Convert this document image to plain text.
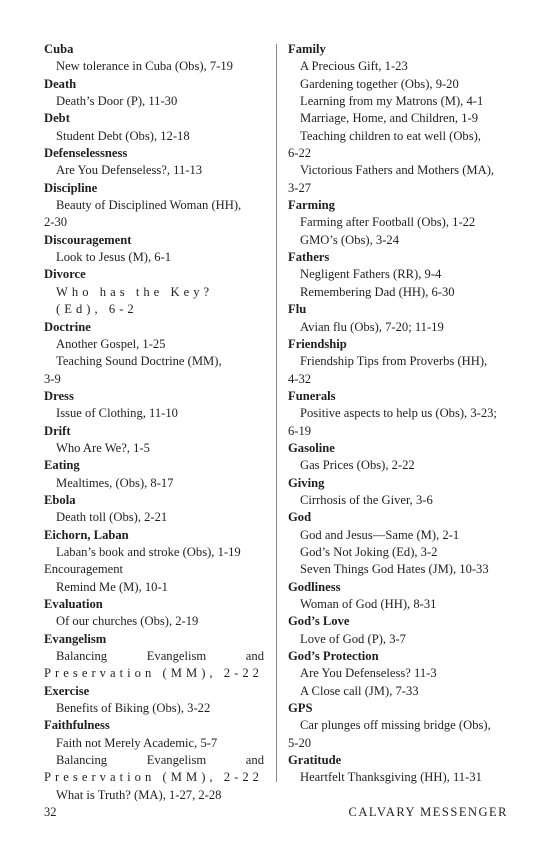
Cuba
New tolerance in Cuba (Obs), 7-19
Death
Death’s Door (P), 11-30
Debt
Student Debt (Obs), 12-18
Defenselessness
Are You Defenseless?, 11-13
Discipline
Beauty of Disciplined Woman (HH),
2-30
Discouragement
Look to Jesus (M), 6-1
Divorce
Who has the Key? (Ed), 6-2
Doctrine
Another Gospel, 1-25
Teaching Sound Doctrine (MM),
3-9
Dress
Issue of Clothing, 11-10
Drift
Who Are We?, 1-5
Eating
Mealtimes, (Obs), 8-17
Ebola
Death toll (Obs), 2-21
Eichorn, Laban
Laban’s book and stroke (Obs), 1-19
Encouragement
Remind Me (M), 10-1
Evaluation
Of our churches (Obs), 2-19
Evangelism
Balancing Evangelism and
Preservation (MM), 2-22
Exercise
Benefits of Biking (Obs), 3-22
Faithfulness
Faith not Merely Academic, 5-7
Balancing Evangelism and
Preservation (MM), 2-22
What is Truth? (MA), 1-27, 2-28
Family
A Precious Gift, 1-23
Gardening together (Obs), 9-20
Learning from my Matrons (M), 4-1
Marriage, Home, and Children, 1-9
Teaching children to eat well (Obs),
6-22
Victorious Fathers and Mothers (MA),
3-27
Farming
Farming after Football (Obs), 1-22
GMO’s (Obs), 3-24
Fathers
Negligent Fathers (RR), 9-4
Remembering Dad (HH), 6-30
Flu
Avian flu (Obs), 7-20; 11-19
Friendship
Friendship Tips from Proverbs (HH),
4-32
Funerals
Positive aspects to help us (Obs), 3-23;
6-19
Gasoline
Gas Prices (Obs), 2-22
Giving
Cirrhosis of the Giver, 3-6
God
God and Jesus—Same (M), 2-1
God’s Not Joking (Ed), 3-2
Seven Things God Hates (JM), 10-33
Godliness
Woman of God (HH), 8-31
God’s Love
Love of God (P), 3-7
God’s Protection
Are You Defenseless? 11-3
A Close call (JM), 7-33
GPS
Car plunges off missing bridge (Obs),
5-20
Gratitude
Heartfelt Thanksgiving (HH), 11-31
32	CALVARY MESSENGER
